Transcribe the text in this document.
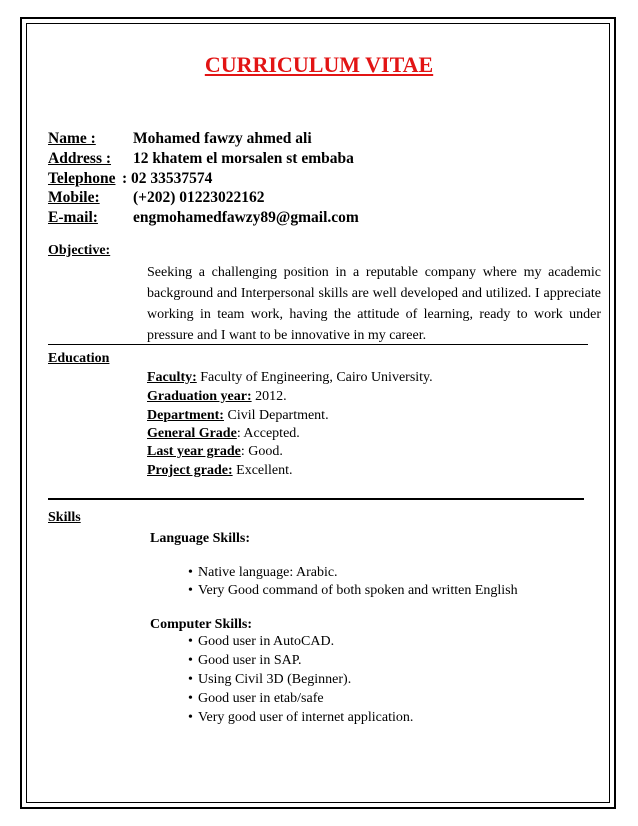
CURRICULUM VITAE
Name : Mohamed fawzy ahmed ali
Address : 12 khatem el morsalen st embaba
Telephone : 02 33537574
Mobile: (+202) 01223022162
E-mail: engmohamedfawzy89@gmail.com
Objective:
Seeking a challenging position in a reputable company where my academic background and Interpersonal skills are well developed and utilized. I appreciate working in team work, having the attitude of learning, ready to work under pressure and I want to be innovative in my career.
Education
Faculty: Faculty of Engineering, Cairo University.
Graduation year: 2012.
Department: Civil Department.
General Grade: Accepted.
Last year grade: Good.
Project grade: Excellent.
Skills
Language Skills:
• Native language: Arabic.
• Very Good command of both spoken and written English
Computer Skills:
• Good user in AutoCAD.
• Good user in SAP.
• Using Civil 3D (Beginner).
• Good user in etab/safe
• Very good user of internet application.
